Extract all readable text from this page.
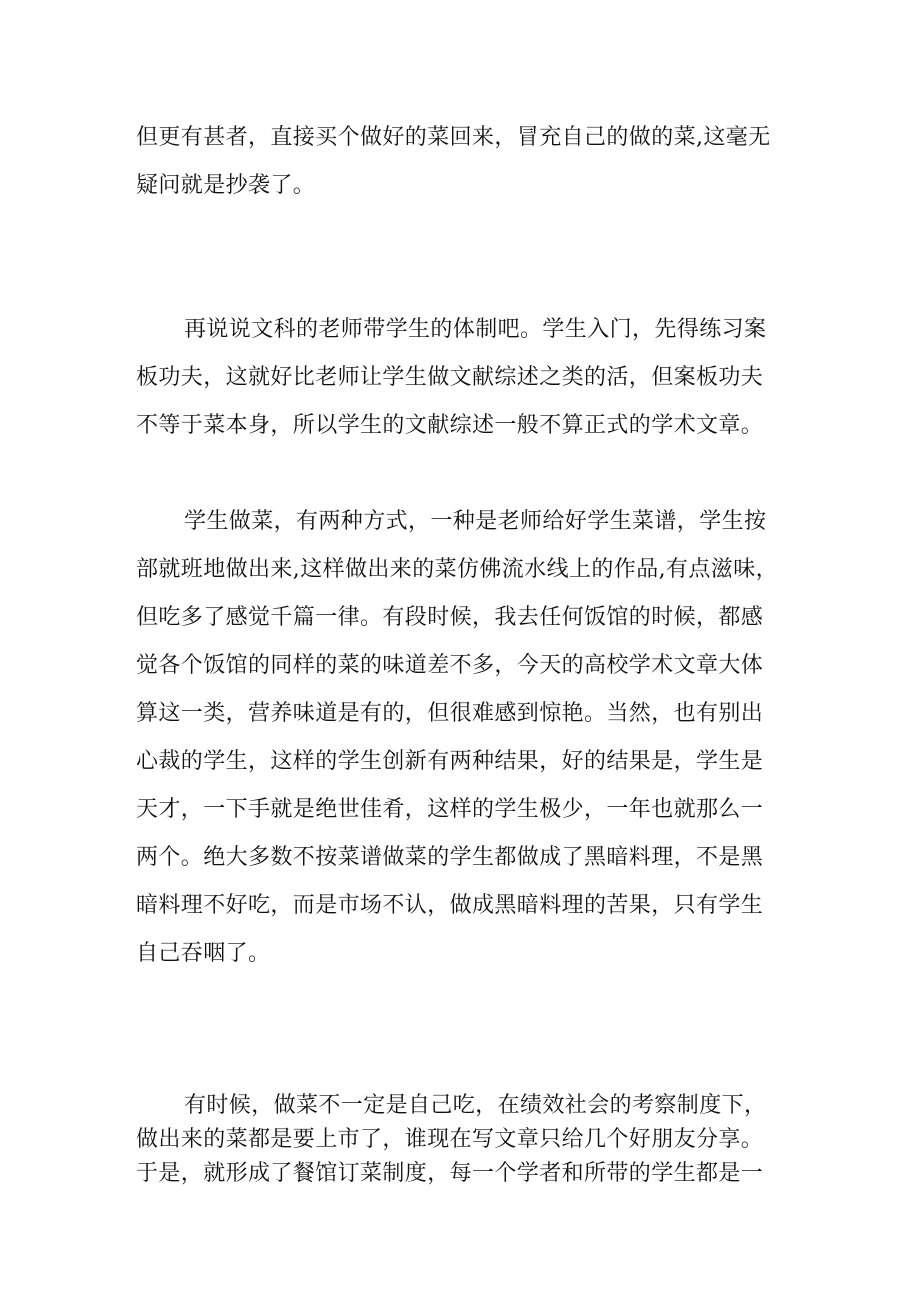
但更有甚者，直接买个做好的菜回来，冒充自己的做的菜,这毫无
疑问就是抄袭了。
再说说文科的老师带学生的体制吧。学生入门，先得练习案
板功夫，这就好比老师让学生做文献综述之类的活，但案板功夫
不等于菜本身，所以学生的文献综述一般不算正式的学术文章。
学生做菜，有两种方式，一种是老师给好学生菜谱，学生按
部就班地做出来,这样做出来的菜仿佛流水线上的作品,有点滋味，
但吃多了感觉千篇一律。有段时候，我去任何饭馆的时候，都感
觉各个饭馆的同样的菜的味道差不多，今天的高校学术文章大体
算这一类，营养味道是有的，但很难感到惊艳。当然，也有别出
心裁的学生，这样的学生创新有两种结果，好的结果是，学生是
天才，一下手就是绝世佳肴，这样的学生极少，一年也就那么一
两个。绝大多数不按菜谱做菜的学生都做成了黑暗料理，不是黑
暗料理不好吃，而是市场不认，做成黑暗料理的苦果，只有学生
自己吞咽了。
有时候，做菜不一定是自己吃，在绩效社会的考察制度下，
做出来的菜都是要上市了，谁现在写文章只给几个好朋友分享。
于是，就形成了餐馆订菜制度，每一个学者和所带的学生都是一
